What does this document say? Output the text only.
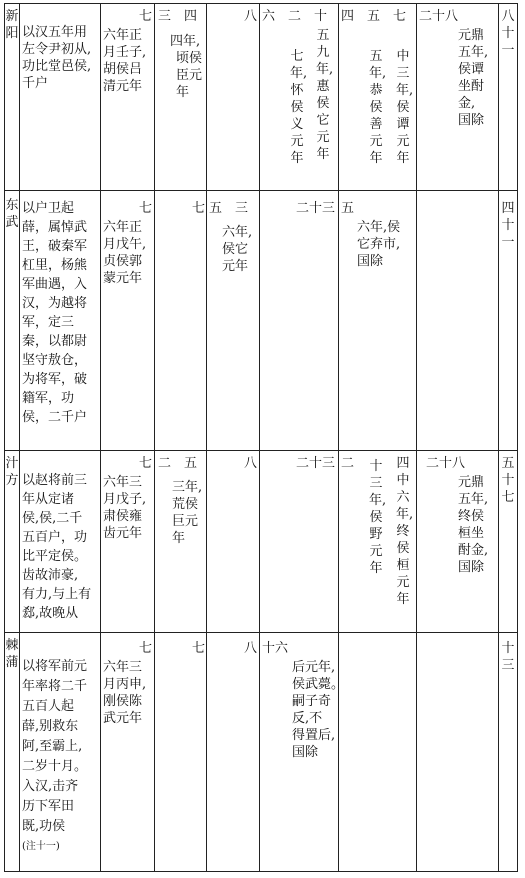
新阳 以汉五年用
左令尹初从,
功比堂邑侯,
千户
七
六年正
月壬子,
胡侯吕
清元年
三　四
四年,
顷侯
臣元
年
八 六　二　十
七年,怀侯义元年
五九年,惠侯它元年
四　五　七
五年,恭侯善元年
中三年,侯谭元年
二十八
元鼎
五年,
侯谭
坐酎
金,
国除
八十一
东武
以户卫起
薛，属悼武
王，破秦军
杠里，杨熊
军曲遇，入
汉，为越将
军，定三
秦，以都尉
坚守敖仓，
为将军，破
籍军，功
侯，二千户
七
六年正
月戊午,
贞侯郭
蒙元年
七 五　三
六年,
侯它
元年
二十三 五
六年,侯
它弃市,
国除
四十一
汁方 以赵将前三
年从定诸
侯,侯,二千
五百户，功
比平定侯。
齿故沛豪,
有力,与上有
郄,故晚从
七
六年三
月戊子,
肃侯雍
齿元年
二　五
三年,
荒侯
巨元
年
八	二十三 二 十三年,侯野元年
四中六年,终侯桓元年
二十八
元鼎
五年,
终侯
桓坐
酎金,
国除
五十七
棘蒲 以将军前元
年率将二千
五百人起
薛,别救东
阿,至霸上,
二岁十月。
入汉,击齐
历下军田
既,功侯
(注十一)
七
六年三
月丙申,
刚侯陈
武元年
七	八 十六
后元年,
侯武薨。
嗣子奇
反,不
得置后,
国除
十三
